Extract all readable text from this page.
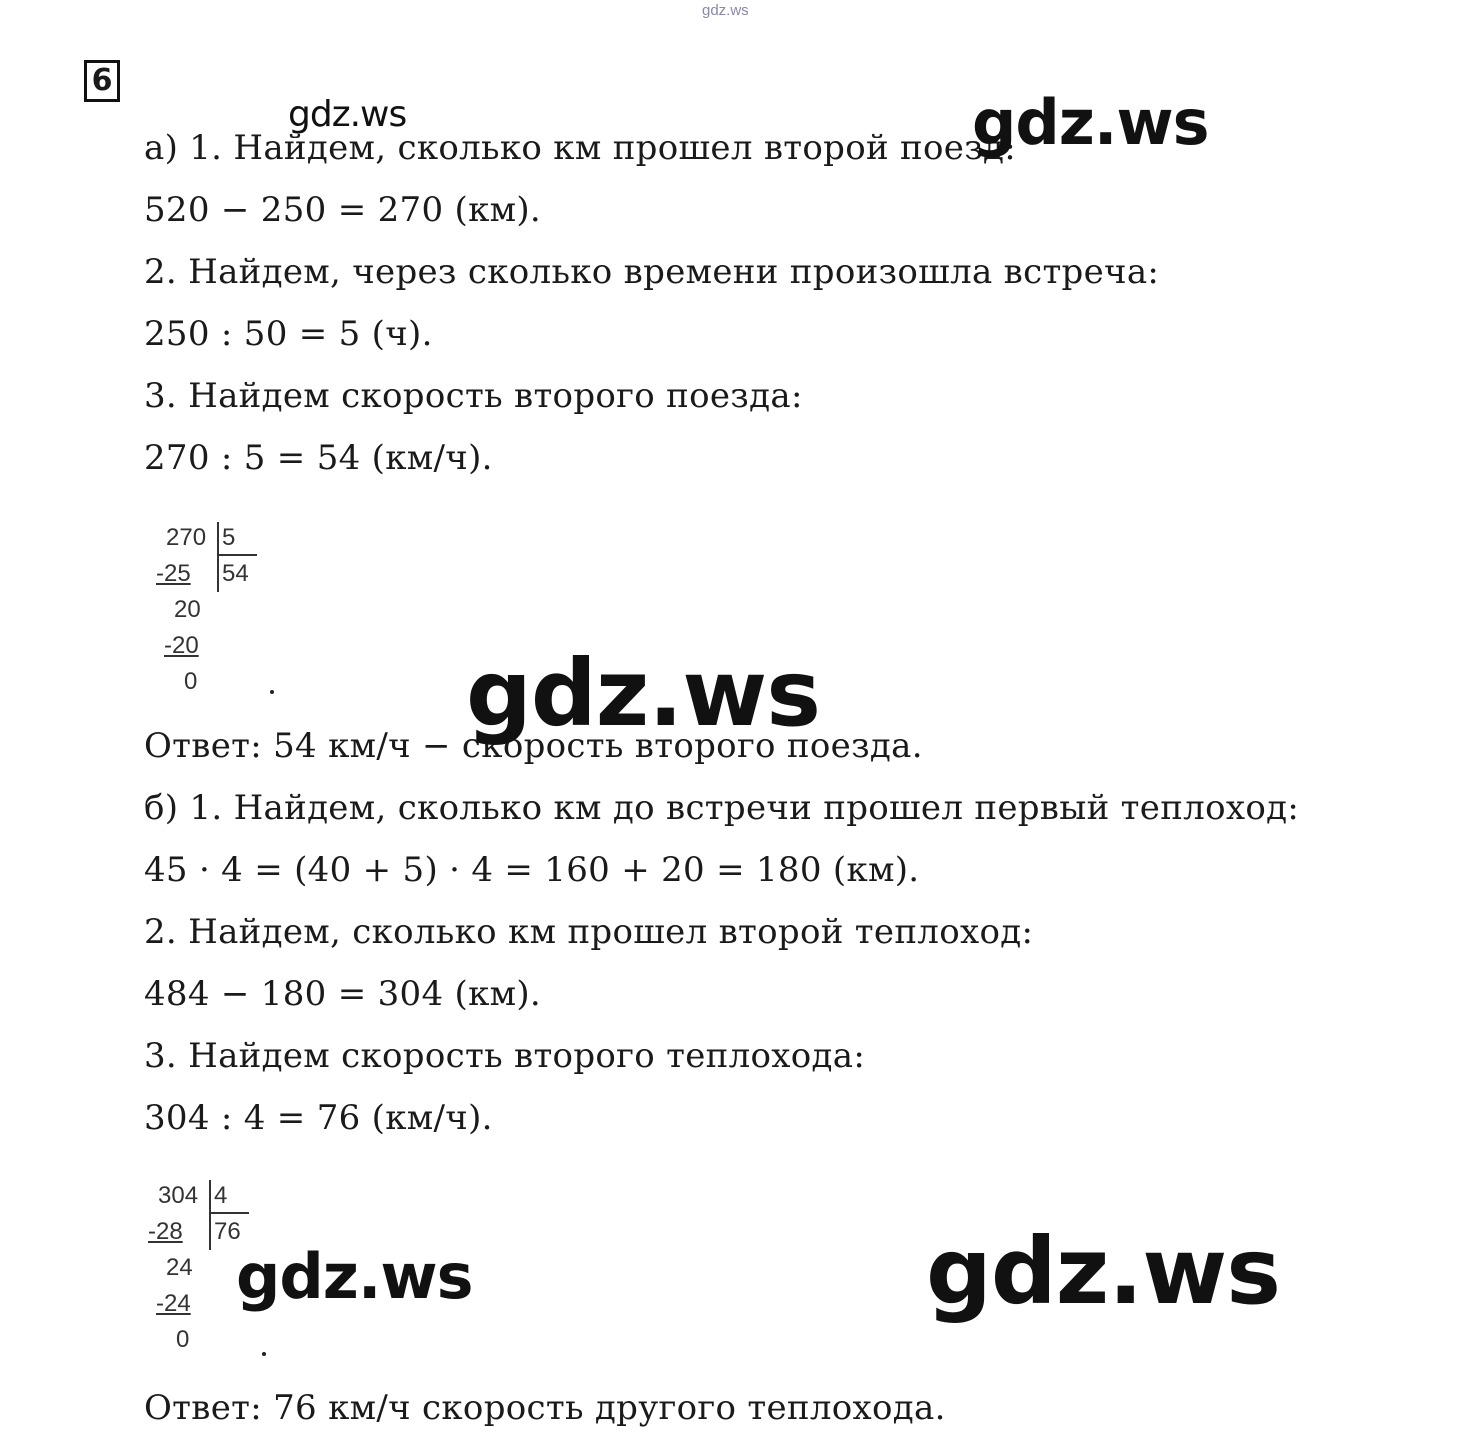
gdz.ws
6
а) 1. Найдем, сколько км прошел второй поезд:
520 − 250 = 270 (км).
2. Найдем, через сколько времени произошла встреча:
250 : 50 = 5 (ч).
3. Найдем скорость второго поезда:
270 : 5 = 54 (км/ч).
270 5
-25 54
20
-20
0
Ответ: 54 км/ч − скорость второго поезда.
б) 1. Найдем, сколько км до встречи прошел первый теплоход:
45 · 4 = (40 + 5) · 4 = 160 + 20 = 180 (км).
2. Найдем, сколько км прошел второй теплоход:
484 − 180 = 304 (км).
3. Найдем скорость второго теплохода:
304 : 4 = 76 (км/ч).
304 4
-28 76
24
-24
0
Ответ: 76 км/ч скорость другого теплохода.
gdz.ws	gdz.ws
gdz.ws
gdz.ws	gdz.ws
